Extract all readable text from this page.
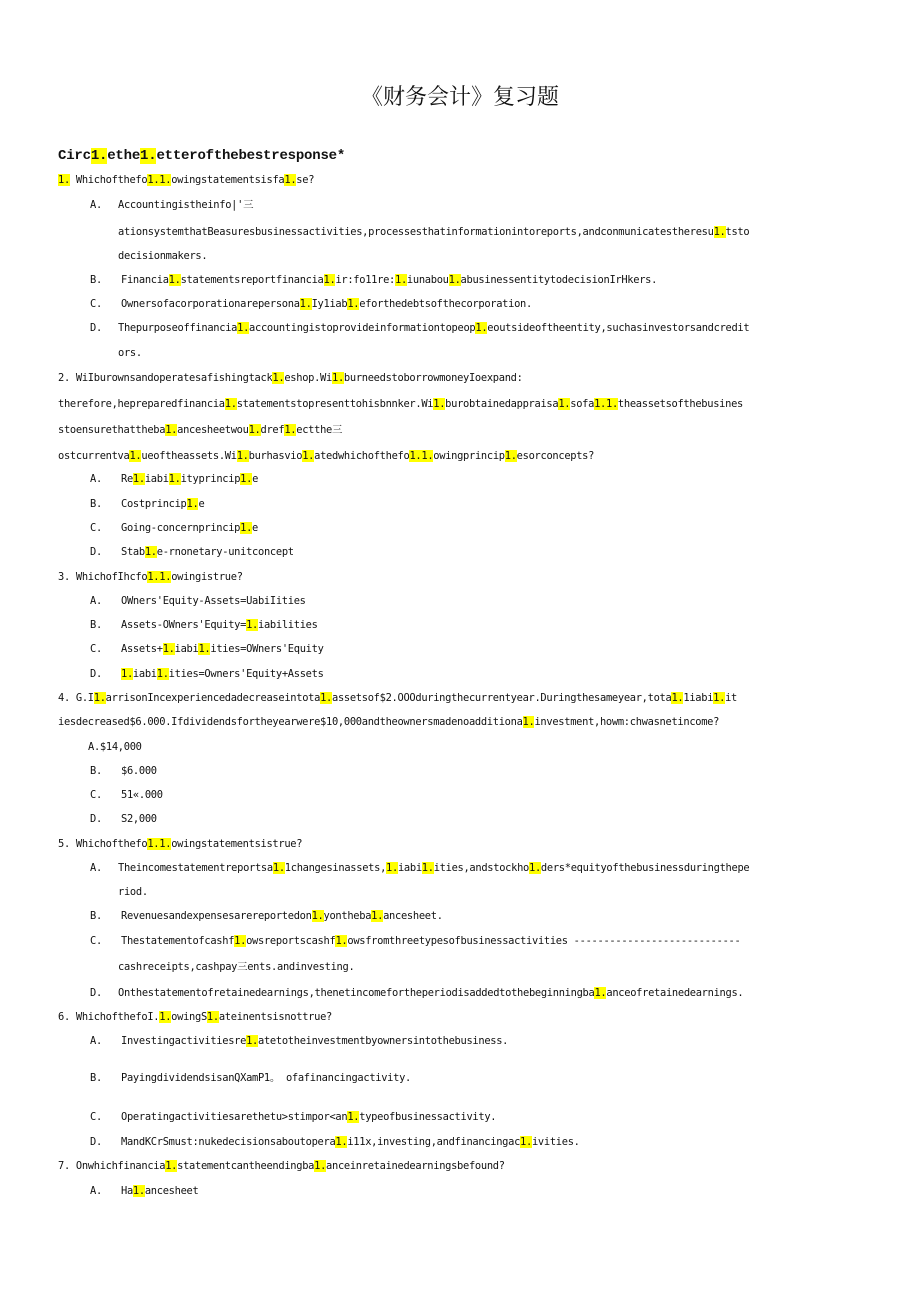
《财务会计》复习题
Circ1.ethe1.etterofthebestresponse*
1. Whichofthefo1.1.owingstatementsisfa1.se?
A. Accountingistheinfo|'三
ationsystemthatBeasuresbusinessactivities,processesthatinformationintoreports,andconmunicatestheresu1.tsto
decisionmakers.
B. Financia1.statementsreportfinancia1.ir:fo11re:1.iunabou1.abusinessentitytodecisionIrHkers.
C. Ownersofacorporationarepersona1.Iy1iab1.eforthedebtsofthecorporation.
D. Thepurposeoffinancia1.accountingistoprovideinformationtopeop1.eoutsideoftheentity,suchasinvestorsandcredit
ors.
2. WiIburownsandoperatesafishingtack1.eshop.Wi1.burneedstoborrowmoneyIoexpand:
therefore,hepreparedfinancia1.statementstopresenttohisbnnker.Wi1.burobtainedappraisa1.sofa1.1.theassetsofthebusines
stoensurethattheba1.ancesheetwou1.dref1.ectthe三
ostcurrentva1.ueoftheassets.Wi1.burhasvio1.atedwhichofthefo1.1.owingprincip1.esorconcepts?
A. Re1.iabi1.ityprincip1.e
B. Costprincip1.e
C. Going-concernprincip1.e
D. Stab1.e-rnonetary-unitconcept
3. WhichofIhcfo1.1.owingistrue?
A. OWners'Equity-Assets=UabiIities
B. Assets-OWners'Equity=1.iabilities
C. Assets+1.iabi1.ities=OWners'Equity
D. 1.iabi1.ities=Owners'Equity+Assets
4. G.I1.arrisonIncexperiencedadecreaseintota1.assetsof$2.OOOduringthecurrentyear.Duringthesameyear,tota1.1iabi1.it
iesdecreased$6.000.Ifdividendsfortheyearwere$10,000andtheownersmadenoadditiona1.investment,howm:chwasnetincome?
A.$14,000
B. $6.000
C. 51«.000
D. S2,000
5. Whichofthefo1.1.owingstatementsistrue?
A. Theincomestatementreportsa1.1changesinassets,1.iabi1.ities,andstockho1.ders*equityofthebusinessduringthepe
riod.
B. Revenuesandexpensesarereportedon1.yontheba1.ancesheet.
C. Thestatementofcashf1.owsreportscashf1.owsfromthreetypesofbusinessactivities ----------------------------
cashreceipts,cashpay三ents.andinvesting.
D. Onthestatementofretainedearnings,thenetincomefortheperiodisaddedtothebeginningba1.anceofretainedearnings.
6. WhichofthefoI.1.owingS1.ateinentsisnottrue?
A. Investingactivitiesre1.atetotheinvestmentbyownersintothebusiness.
B. PayingdividendsisanQXamP1。 ofafinancingactivity.
C. Operatingactivitiesarethetu>stimpor<an1.typeofbusinessactivity.
D. MandKCrSmust:nukedecisionsaboutopera1.i11x,investing,andfinancingac1.ivities.
7. Onwhichfinancia1.statementcantheendingba1.anceinretainedearningsbefound?
A. Ha1.ancesheet
